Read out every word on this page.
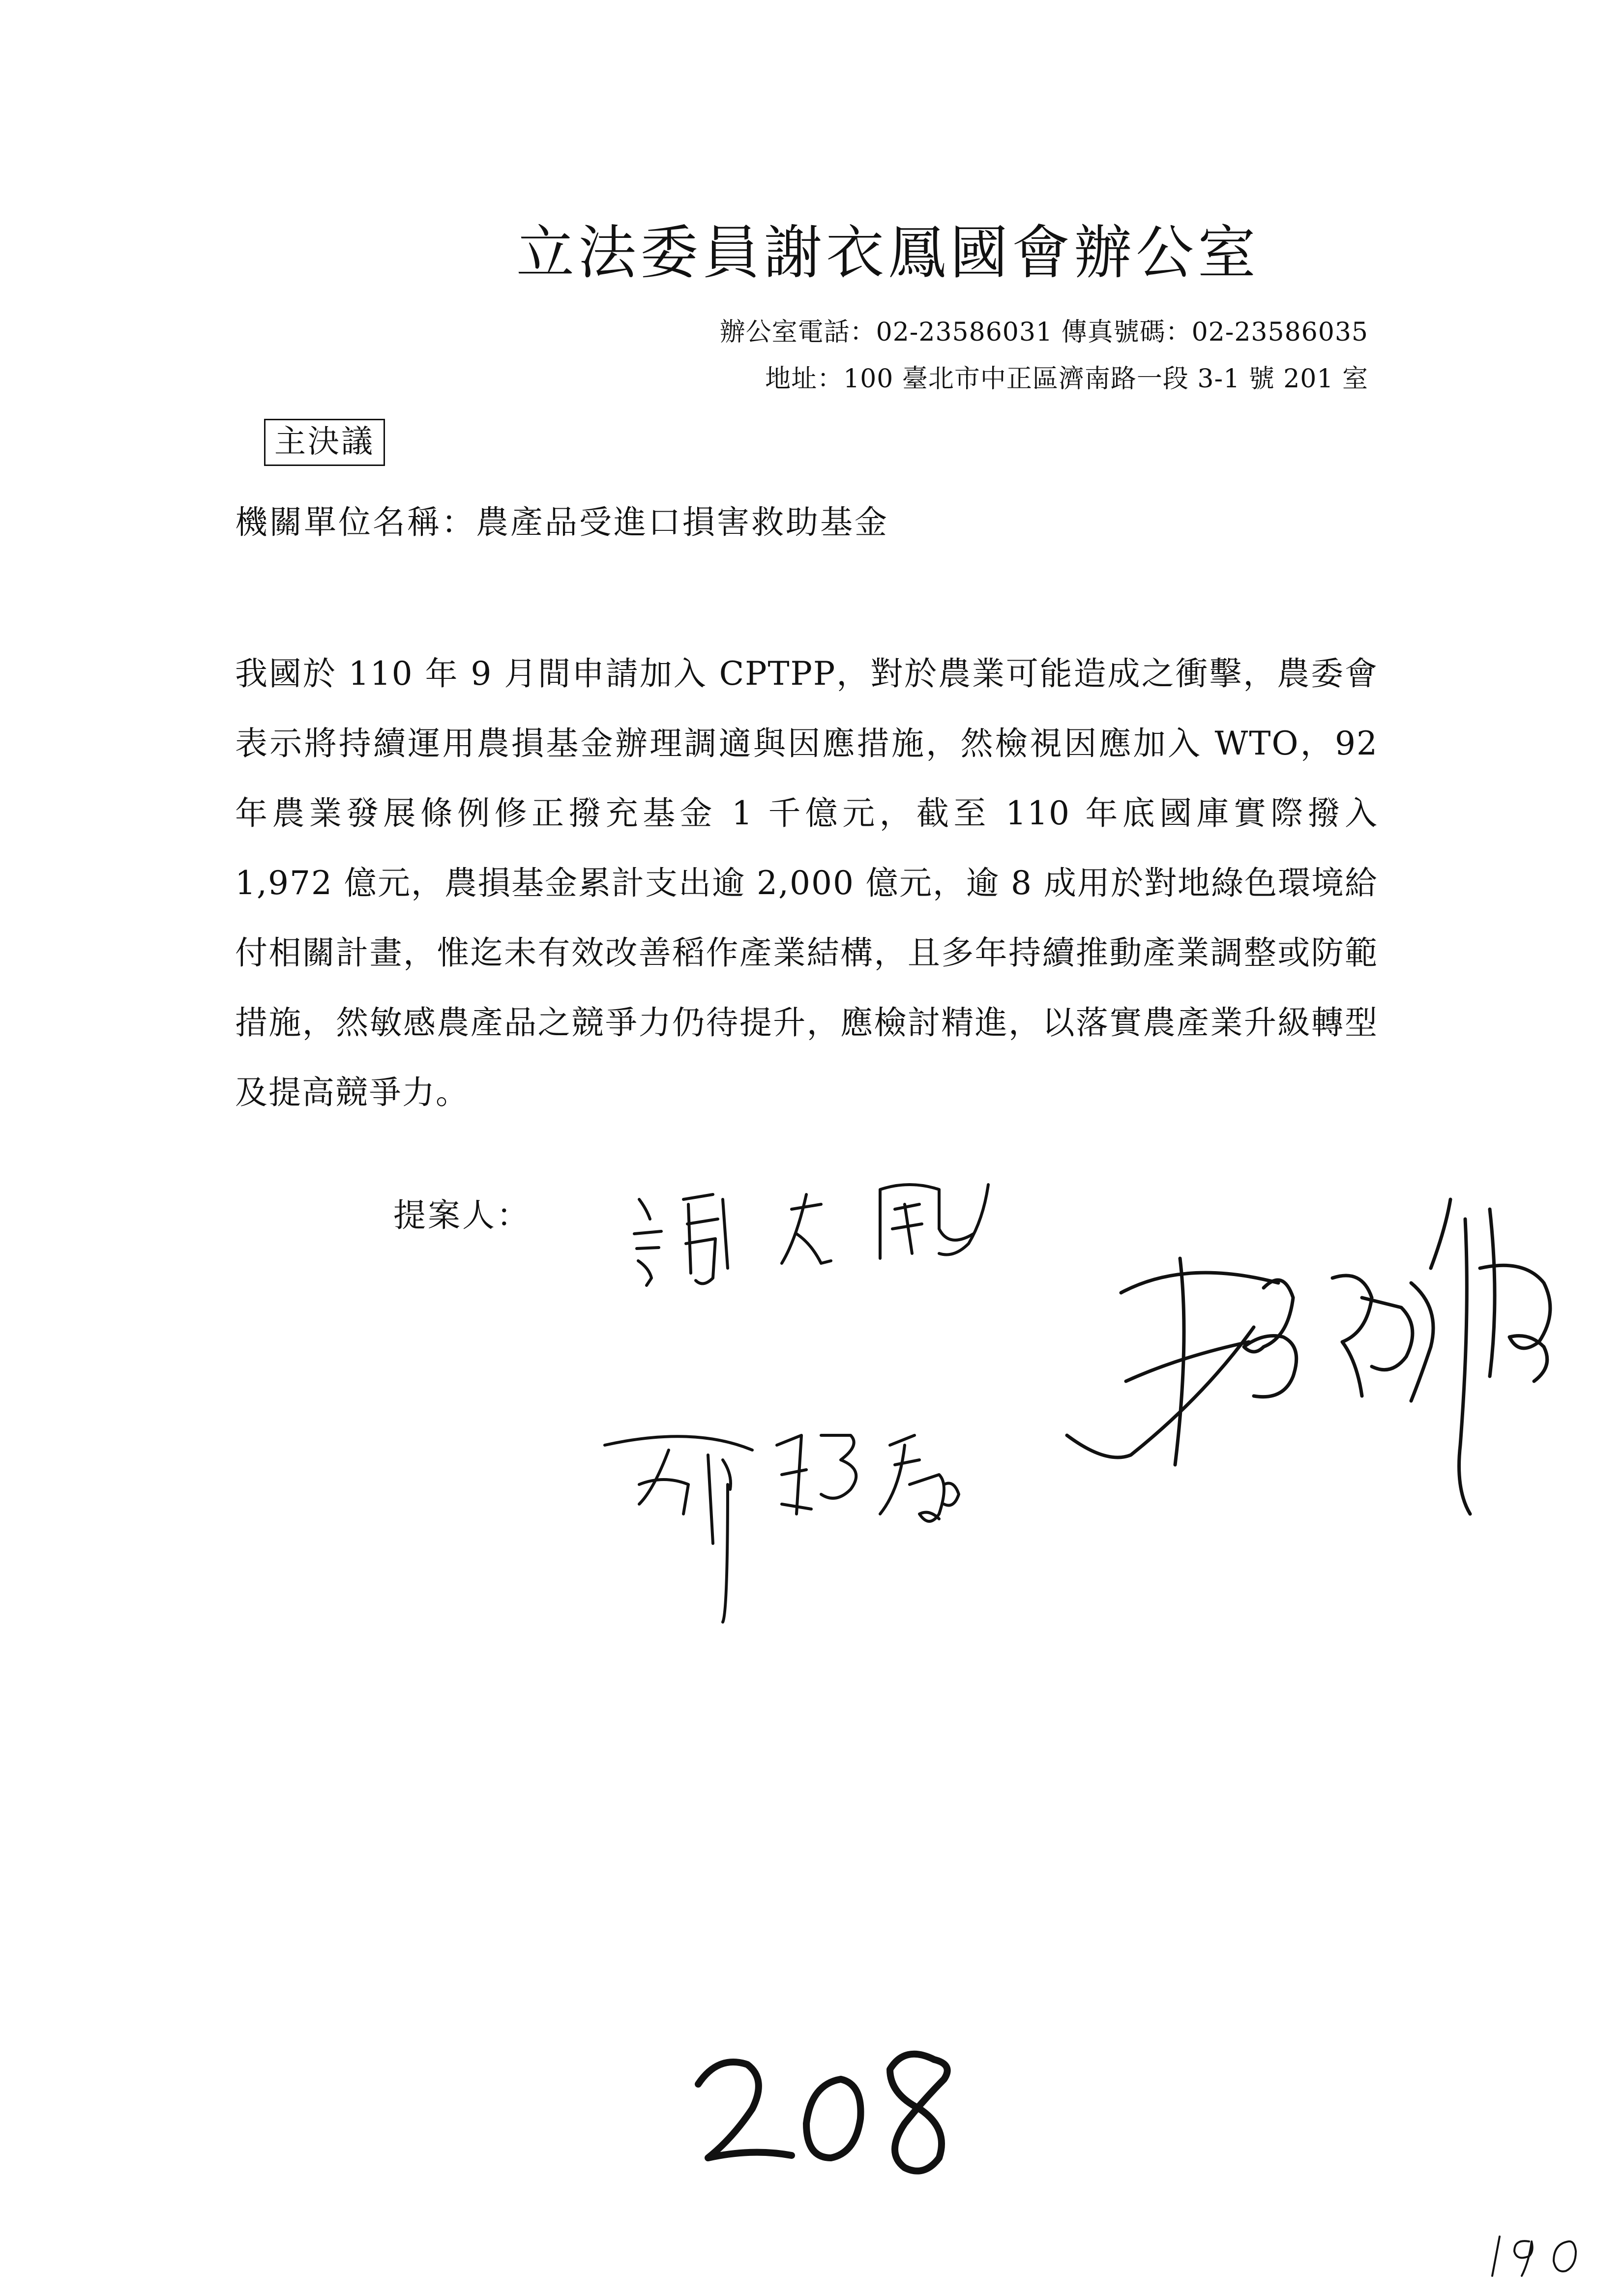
立法委員謝衣鳳國會辦公室
辦公室電話：02-23586031 傳真號碼：02-23586035
地址：100 臺北市中正區濟南路一段 3-1 號 201 室
主決議
機關單位名稱：農產品受進口損害救助基金

我國於 110 年 9 月間申請加入 CPTPP，對於農業可能造成之衝擊，農委會表示將持續運用農損基金辦理調適與因應措施，然檢視因應加入 WTO，92 年農業發展條例修正撥充基金 1 千億元，截至 110 年底國庫實際撥入 1,972 億元，農損基金累計支出逾 2,000 億元，逾 8 成用於對地綠色環境給付相關計畫，惟迄未有效改善稻作產業結構，且多年持續推動產業調整或防範措施，然敏感農產品之競爭力仍待提升，應檢討精進，以落實農產業升級轉型及提高競爭力。

提案人：
